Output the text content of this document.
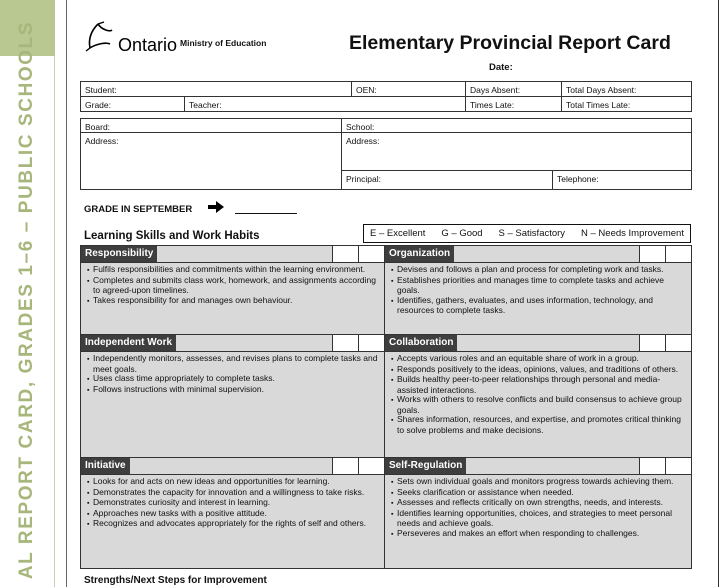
AL REPORT CARD, GRADES 1–6 – PUBLIC SCHOOLS	Ontario Ministry of Education	Elementary Provincial Report Card
Date:
Student:	OEN:	Days Absent:	Total Days Absent:
Grade:	Teacher:	Times Late:	Total Times Late:
Board:
Address:
School:
Address:
Principal:	Telephone:
GRADE IN SEPTEMBER
Learning Skills and Work Habits	E – Excellent G – Good S – Satisfactory N – Needs Improvement
Responsibility
▪ Fulfils responsibilities and commitments within the learning environment.
▪ Completes and submits class work, homework, and assignments according to agreed-upon timelines.
▪ Takes responsibility for and manages own behaviour.
Organization
▪ Devises and follows a plan and process for completing work and tasks.
▪ Establishes priorities and manages time to complete tasks and achieve goals.
▪ Identifies, gathers, evaluates, and uses information, technology, and resources to complete tasks.
Independent Work
▪ Independently monitors, assesses, and revises plans to complete tasks and meet goals.
▪ Uses class time appropriately to complete tasks.
▪ Follows instructions with minimal supervision.
Collaboration
▪ Accepts various roles and an equitable share of work in a group.
▪ Responds positively to the ideas, opinions, values, and traditions of others.
▪ Builds healthy peer-to-peer relationships through personal and media-assisted interactions.
▪ Works with others to resolve conflicts and build consensus to achieve group goals.
▪ Shares information, resources, and expertise, and promotes critical thinking to solve problems and make decisions.
Initiative
▪ Looks for and acts on new ideas and opportunities for learning.
▪ Demonstrates the capacity for innovation and a willingness to take risks.
▪ Demonstrates curiosity and interest in learning.
▪ Approaches new tasks with a positive attitude.
▪ Recognizes and advocates appropriately for the rights of self and others.
Self-Regulation
▪ Sets own individual goals and monitors progress towards achieving them.
▪ Seeks clarification or assistance when needed.
▪ Assesses and reflects critically on own strengths, needs, and interests.
▪ Identifies learning opportunities, choices, and strategies to meet personal needs and achieve goals.
▪ Perseveres and makes an effort when responding to challenges.
Strengths/Next Steps for Improvement
